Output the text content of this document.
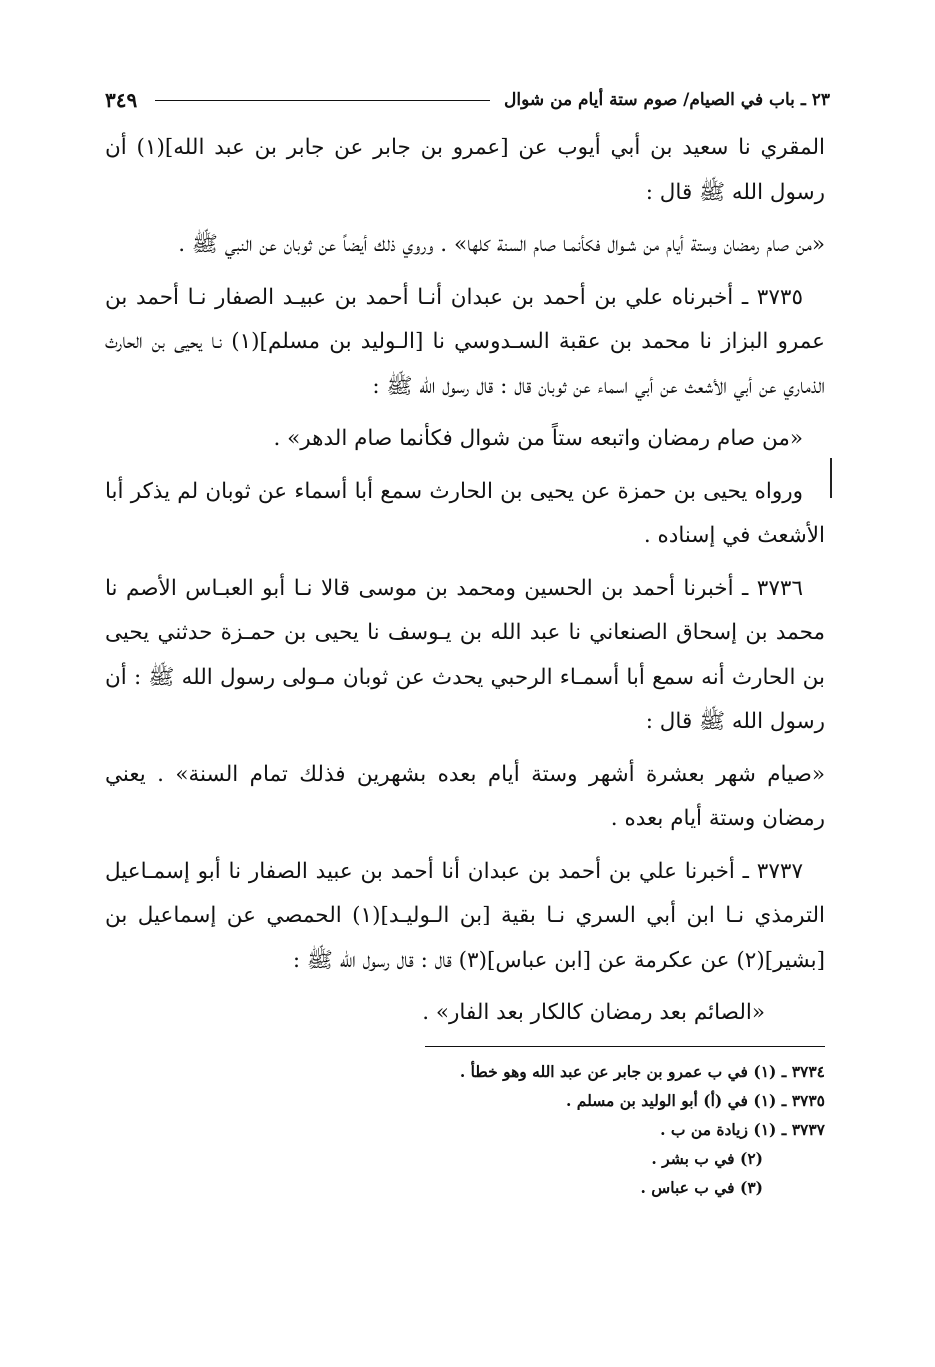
٢٣ ـ باب في الصيام/ صوم ستة أيام من شوال
٣٤٩

المقري نا سعيد بن أبي أيوب عن [عمرو بن جابر عن جابر بن عبد الله](١) أن رسول الله ﷺ قال :

«من صام رمضان وستة أيام من شـوال فكأنمـا صام السنة كلها» . وروي ذلك أيضاً عن ثوبان عن النبي ﷺ .

٣٧٣٥ ـ أخبرناه علي بن أحمد بن عبدان أنـا أحمد بن عبيـد الصفار نـا أحمد بن عمرو البزاز نا محمد بن عقبة السـدوسي نا [الـوليد بن مسلم](١) نـا يحيى بن الحارث الذماري عن أبي الأشعث عن أبي اسماء عن ثوبان قال : قال رسول الله ﷺ :

«من صام رمضان واتبعه ستاً من شوال فكأنما صام الدهر» .

ورواه يحيى بن حمزة عن يحيى بن الحارث سمع أبا أسماء عن ثوبان لم يذكر أبا الأشعث في إسناده .

٣٧٣٦ ـ أخبرنا أحمد بن الحسين ومحمد بن موسى قالا نـا أبو العبـاس الأصم نا محمد بن إسحاق الصنعاني نا عبد الله بن يـوسف نا يحيى بن حمـزة حدثني يحيى بن الحارث أنه سمع أبا أسمـاء الرحبي يحدث عن ثوبان مـولى رسول الله ﷺ : أن رسول الله ﷺ قال :

«صيام شهر بعشرة أشهر وستة أيام بعده بشهرين فذلك تمام السنة» . يعني رمضان وستة أيام بعده .

٣٧٣٧ ـ أخبرنا علي بن أحمد بن عبدان أنا أحمد بن عبيد الصفار نا أبو إسمـاعيل الترمذي نـا ابن أبي السري نـا بقية [بن الـوليـد](١) الحمصي عن إسماعيل بن [بشير](٢) عن عكرمة عن [ابن عباس](٣) قال : قال رسول الله ﷺ :

«الصائم بعد رمضان كالكار بعد الفار» .

٣٧٣٤ ـ (١) في ب عمرو بن جابر عن عبد الله وهو خطأ .

٣٧٣٥ ـ (١) في (أ) أبو الوليد بن مسلم .

٣٧٣٧ ـ (١) زيادة من ب .

(٢) في ب بشر .

(٣) في ب عباس .
